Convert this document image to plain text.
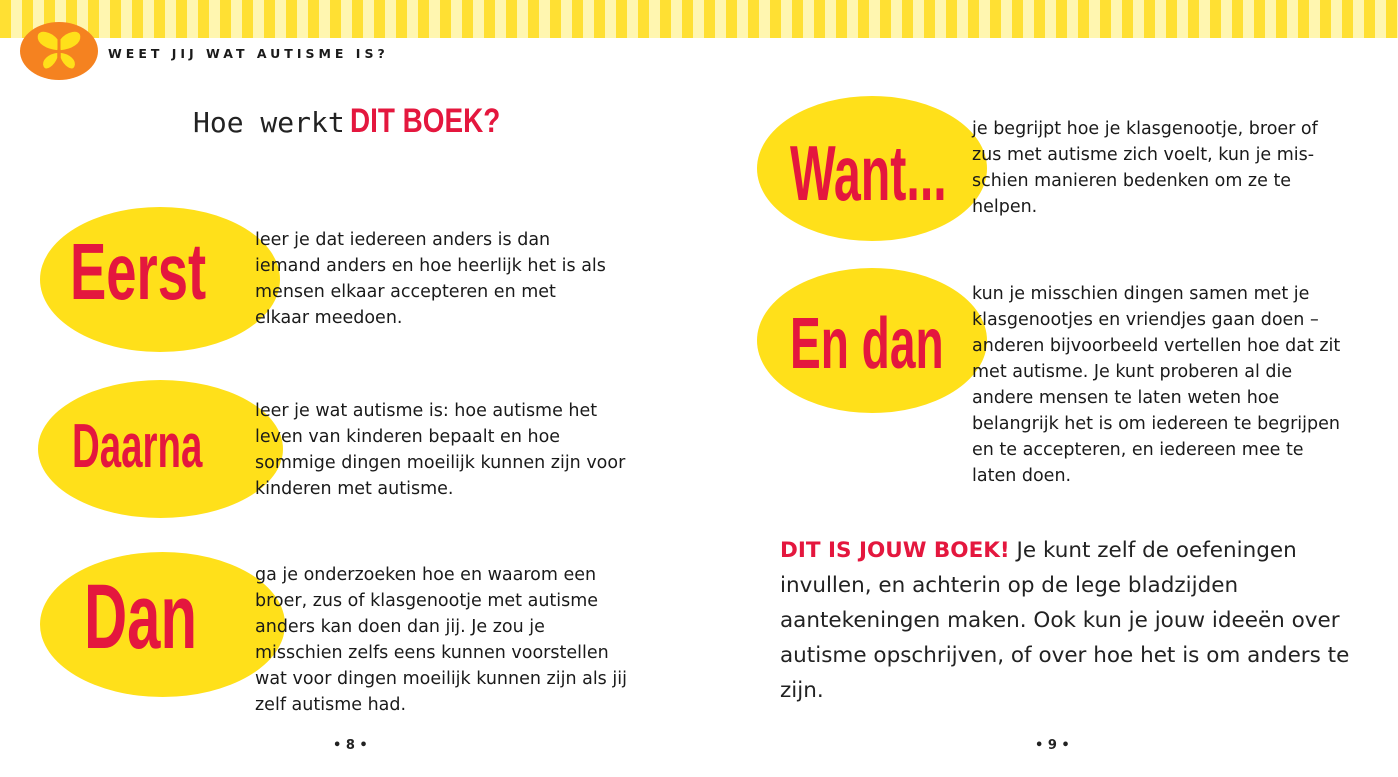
WEET JIJ WAT AUTISME IS?
Hoe werkt DIT BOEK?
Eerst	leer je dat iedereen anders is dan iemand anders en hoe heerlijk het is als mensen elkaar accepteren en met elkaar meedoen.
Daarna
leer je wat autisme is: hoe autisme het leven van kinderen bepaalt en hoe sommige dingen moeilijk kunnen zijn voor kinderen met autisme.
Dan	ga je onderzoeken hoe en waarom een broer, zus of klasgenootje met autisme anders kan doen dan jij. Je zou je misschien zelfs eens kunnen voorstellen wat voor dingen moeilijk kunnen zijn als jij zelf autisme had.
• 8 •
Want... je begrijpt hoe je klasgenootje, broer of zus met autisme zich voelt, kun je mis-schien manieren bedenken om ze te helpen.
En dan
kun je misschien dingen samen met je klasgenootjes en vriendjes gaan doen – anderen bijvoorbeeld vertellen hoe dat zit met autisme. Je kunt proberen al die andere mensen te laten weten hoe belangrijk het is om iedereen te begrijpen en te accepteren, en iedereen mee te laten doen.
DIT IS JOUW BOEK! Je kunt zelf de oefeningen invullen, en achterin op de lege bladzijden aantekeningen maken. Ook kun je jouw ideeën over autisme opschrijven, of over hoe het is om anders te zijn.
• 9 •
